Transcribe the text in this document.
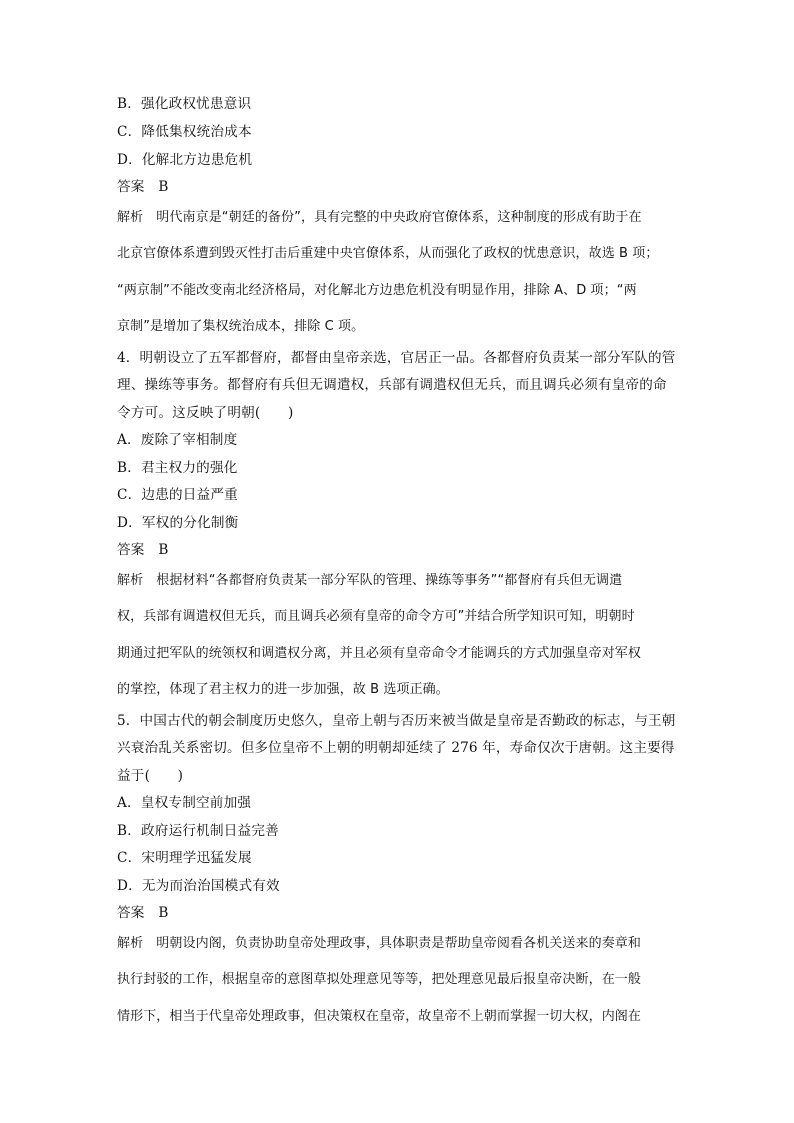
B．强化政权忧患意识
C．降低集权统治成本
D．化解北方边患危机
答案　B
解析　明代南京是“朝廷的备份”，具有完整的中央政府官僚体系，这种制度的形成有助于在
北京官僚体系遭到毁灭性打击后重建中央官僚体系，从而强化了政权的忧患意识，故选 B 项；
“两京制”不能改变南北经济格局，对化解北方边患危机没有明显作用，排除 A、D 项；“两
京制”是增加了集权统治成本，排除 C 项。
4．明朝设立了五军都督府，都督由皇帝亲选，官居正一品。各都督府负责某一部分军队的管
理、操练等事务。都督府有兵但无调遣权，兵部有调遣权但无兵，而且调兵必须有皇帝的命
令方可。这反映了明朝(　　)
A．废除了宰相制度
B．君主权力的强化
C．边患的日益严重
D．军权的分化制衡
答案　B
解析　根据材料“各都督府负责某一部分军队的管理、操练等事务”“都督府有兵但无调遣
权，兵部有调遣权但无兵，而且调兵必须有皇帝的命令方可”并结合所学知识可知，明朝时
期通过把军队的统领权和调遣权分离，并且必须有皇帝命令才能调兵的方式加强皇帝对军权
的掌控，体现了君主权力的进一步加强，故 B 选项正确。
5．中国古代的朝会制度历史悠久，皇帝上朝与否历来被当做是皇帝是否勤政的标志，与王朝
兴衰治乱关系密切。但多位皇帝不上朝的明朝却延续了 276 年，寿命仅次于唐朝。这主要得
益于(　　)
A．皇权专制空前加强
B．政府运行机制日益完善
C．宋明理学迅猛发展
D．无为而治治国模式有效
答案　B
解析　明朝设内阁，负责协助皇帝处理政事，具体职责是帮助皇帝阅看各机关送来的奏章和
执行封驳的工作，根据皇帝的意图草拟处理意见等等，把处理意见最后报皇帝决断，在一般
情形下，相当于代皇帝处理政事，但决策权在皇帝，故皇帝不上朝而掌握一切大权，内阁在
